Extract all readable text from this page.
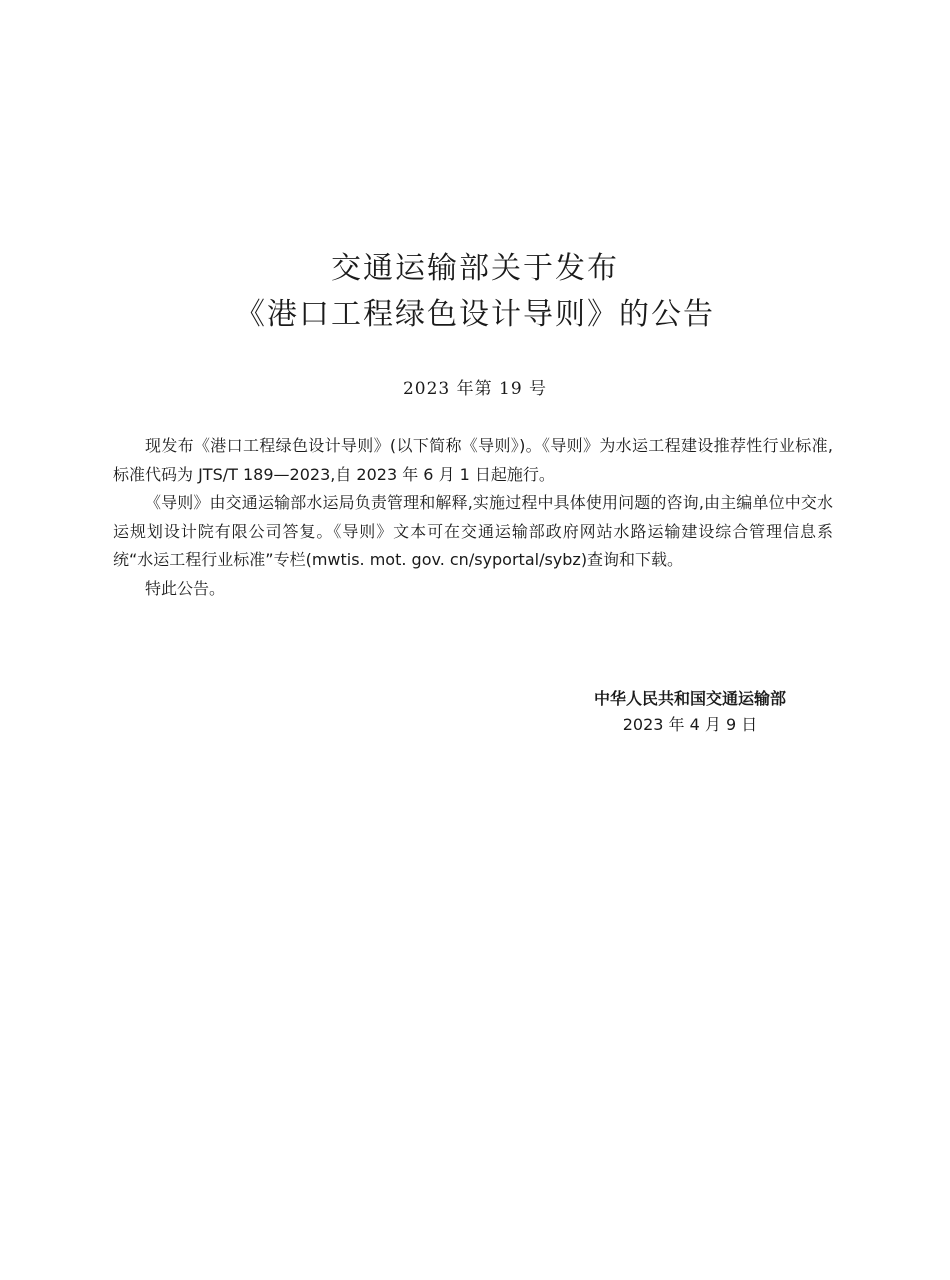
交通运输部关于发布
《港口工程绿色设计导则》的公告
2023 年第 19 号

现发布《港口工程绿色设计导则》(以下简称《导则》)。《导则》为水运工程建设推荐性行业标准,标准代码为 JTS/T 189—2023,自 2023 年 6 月 1 日起施行。

《导则》由交通运输部水运局负责管理和解释,实施过程中具体使用问题的咨询,由主编单位中交水运规划设计院有限公司答复。《导则》文本可在交通运输部政府网站水路运输建设综合管理信息系统“水运工程行业标准”专栏(mwtis. mot. gov. cn/syportal/sybz)查询和下载。

特此公告。

中华人民共和国交通运输部
2023 年 4 月 9 日
